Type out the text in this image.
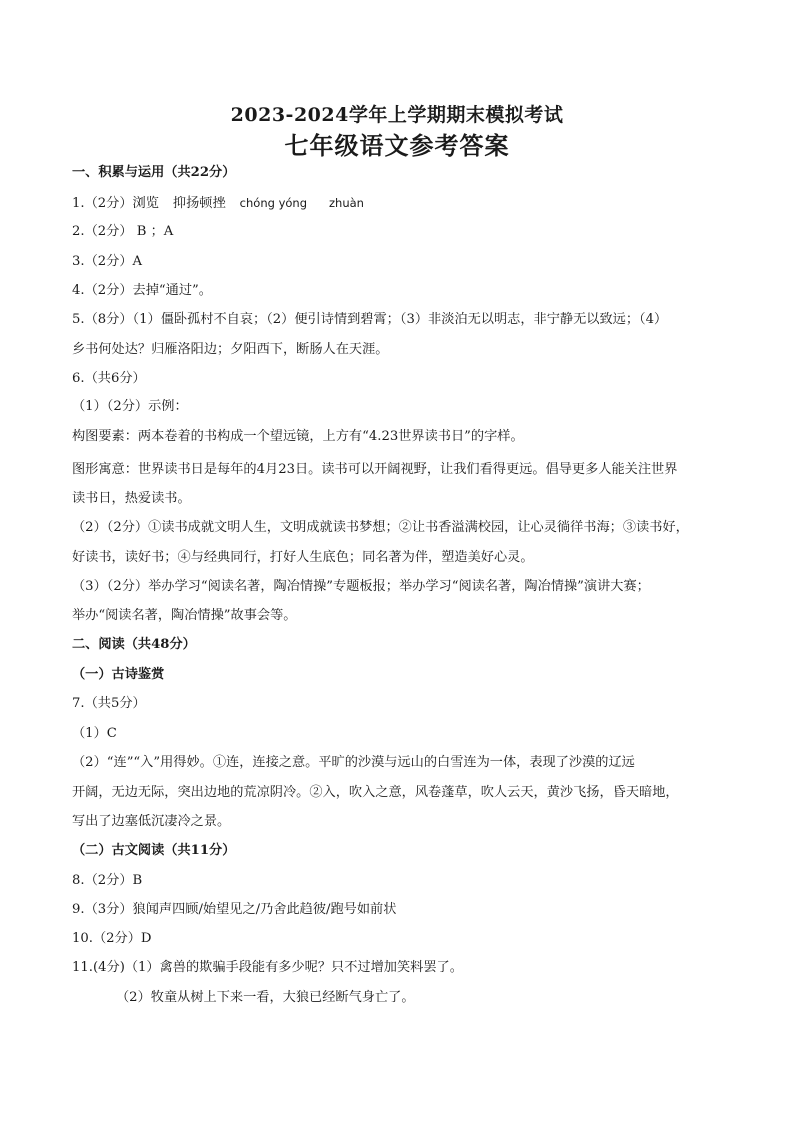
2023-2024学年上学期期末模拟考试
七年级语文参考答案
一、积累与运用（共22分）
1.（2分）浏览 抑扬顿挫 chóng yóng zhuàn
2.（2分） B ；A
3.（2分）A
4.（2分）去掉“通过”。
5.（8分）（1）僵卧孤村不自哀；（2）便引诗情到碧霄；（3）非淡泊无以明志，非宁静无以致远；（4）
乡书何处达？归雁洛阳边；夕阳西下，断肠人在天涯。
6.（共6分）
（1）（2分）示例：
构图要素：两本卷着的书构成一个望远镜，上方有“4.23世界读书日”的字样。
图形寓意：世界读书日是每年的4月23日。读书可以开阔视野，让我们看得更远。倡导更多人能关注世界
读书日，热爱读书。
（2）（2分）①读书成就文明人生，文明成就读书梦想；②让书香溢满校园，让心灵徜徉书海；③读书好，
好读书，读好书；④与经典同行，打好人生底色；同名著为伴，塑造美好心灵。
（3）（2分）举办学习“阅读名著，陶冶情操”专题板报；举办学习“阅读名著，陶冶情操”演讲大赛；
举办“阅读名著，陶冶情操”故事会等。
二、阅读（共48分）
（一）古诗鉴赏
7.（共5分）
（1）C
（2）“连”“入”用得妙。①连，连接之意。平旷的沙漠与远山的白雪连为一体，表现了沙漠的辽远
开阔，无边无际，突出边地的荒凉阴冷。②入，吹入之意，风卷蓬草，吹人云天，黄沙飞扬，昏天暗地，
写出了边塞低沉凄冷之景。
（二）古文阅读（共11分）
8.（2分）B
9.（3分）狼闻声四顾/始望见之/乃舍此趋彼/跑号如前状
10.（2分）D
11.(4分)（1）禽兽的欺骗手段能有多少呢？只不过增加笑料罢了。
（2）牧童从树上下来一看，大狼已经断气身亡了。
